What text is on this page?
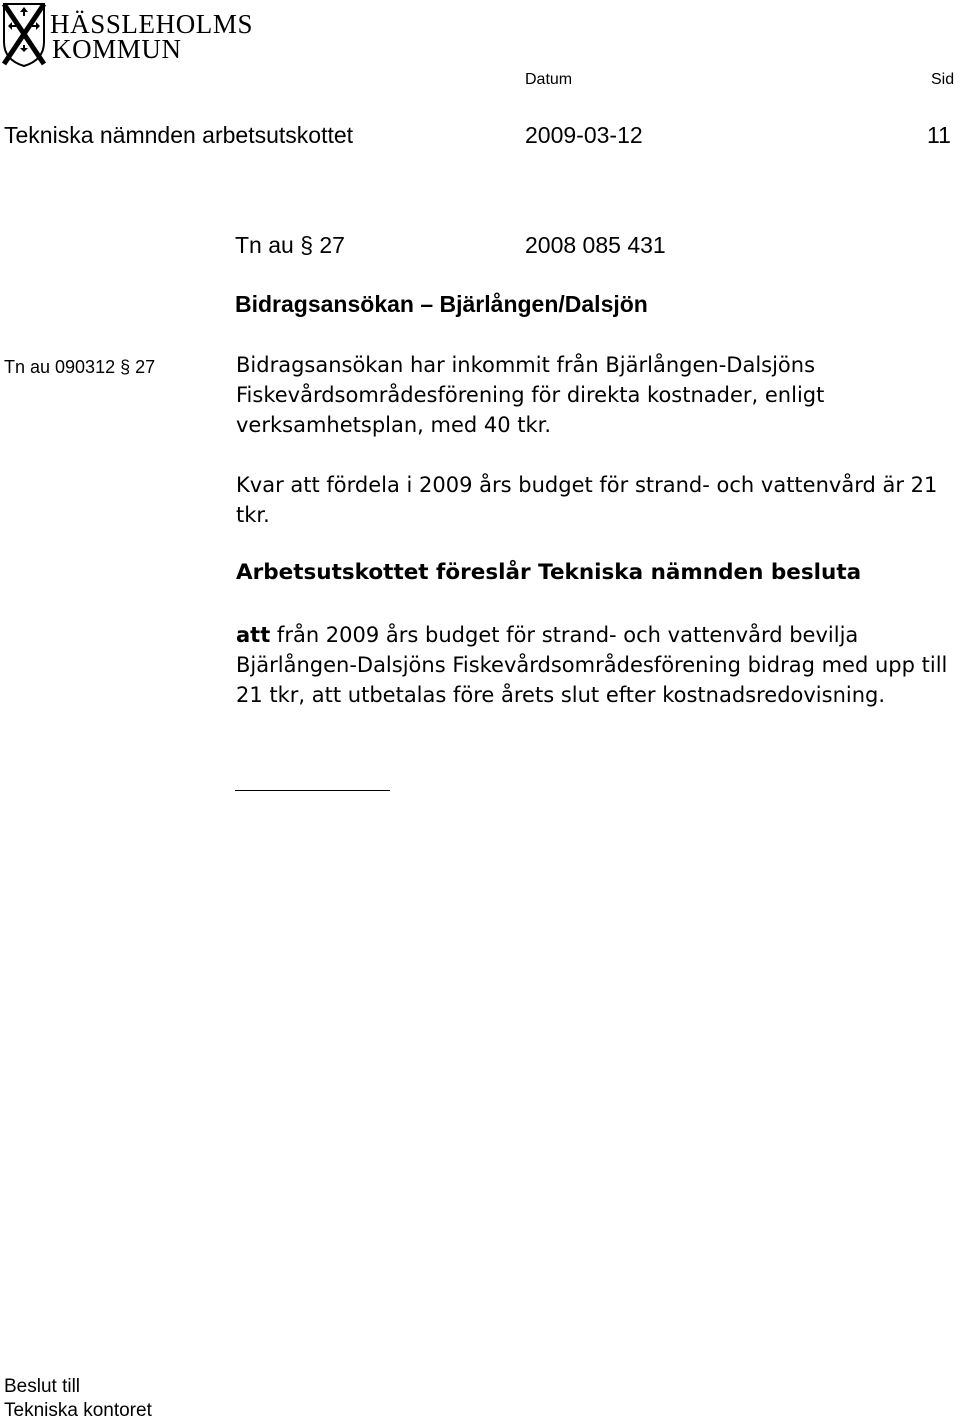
HÄSSLEHOLMS
KOMMUN
Datum	Sid
Tekniska nämnden arbetsutskottet	2009-03-12	11
Tn au § 27	2008 085 431
Bidragsansökan – Bjärlången/Dalsjön
Tn au 090312 § 27	Bidragsansökan har inkommit från Bjärlången-Dalsjöns Fiskevårdsområdesförening för direkta kostnader, enligt verksamhetsplan, med 40 tkr.

Kvar att fördela i 2009 års budget för strand- och vattenvård är 21 tkr.

Arbetsutskottet föreslår Tekniska nämnden besluta

att från 2009 års budget för strand- och vattenvård bevilja Bjärlången-Dalsjöns Fiskevårdsområdesförening bidrag med upp till 21 tkr, att utbetalas före årets slut efter kostnadsredovisning.

Beslut till
Tekniska kontoret
